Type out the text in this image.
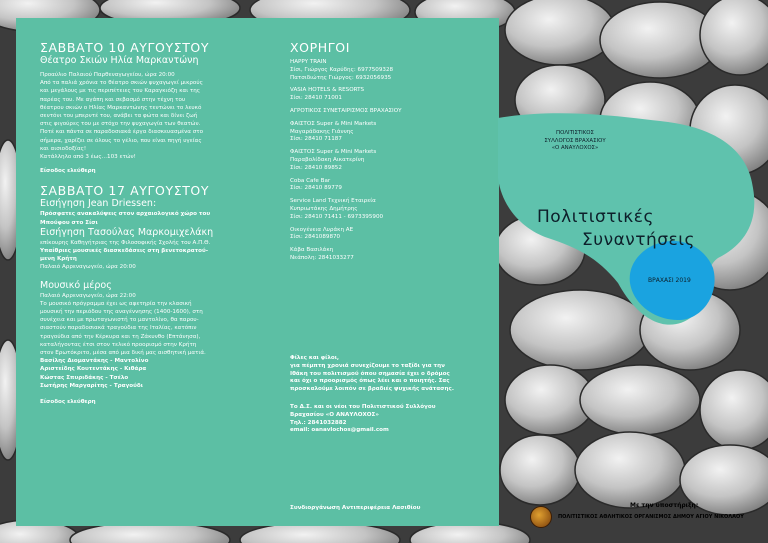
ΣΑΒΒΑΤΟ 10 ΑΥΓΟΥΣΤΟΥ
Θέατρο Σκιών Ηλία Μαρκαντώνη

Προαύλιο Παλαιού Παρθεναγωγείου, ώρα 20:00

Από τα παλιά χρόνια το θέατρο σκιών ψυχαγωγεί μικρούς

και μεγάλους με τις περιπέτειες του Καραγκιόζη και της

παρέας του. Με αγάπη και σεβασμό στην τέχνη του

θέατρου σκιών ο Ηλίας Μαρκαντώνης τεντώνει το λευκό

σεντόνι του μπερντέ του, ανάβει τα φώτα και δίνει ζωή

στις φιγούρες του με στόχο την ψυχαγωγία των θεατών.

Ποτέ και πάντα σε παραδοσιακά έργα διασκευασμένα στο

σήμερα, χαρίζει σε όλους το γέλιο, που είναι πηγή υγείας

και αισιοδοξίας!

Κατάλληλο από 3 έως...103 ετών!

Είσοδος ελεύθερη

ΣΑΒΒΑΤΟ 17 ΑΥΓΟΥΣΤΟΥ
Εισήγηση Jean Driessen:

Πρόσφατες ανακαλύψεις στον αρχαιολογικό χώρο του

Μπούφου στο Σίσι

Εισήγηση Τασούλας Μαρκομιχελάκη

επίκουρης Καθηγήτριας της Φιλοσοφικής Σχολής του Α.Π.Θ.

Υπαίθριες μουσικές διασκεδάσεις στη βενετοκρατού-

μενη Κρήτη

Παλαιό Αρρεναγωγείο, ώρα 20:00

Μουσικό μέρος

Παλαιό Αρρεναγωγείο, ώρα 22:00

Το μουσικό πρόγραμμα έχει ως αφετηρία την κλασική

μουσική την περιόδου της αναγέννησης (1400-1600), στη

συνέχεια και με πρωταγωνιστή το μαντολίνο, θα παρου-

σιαστούν παραδοσιακά τραγούδια της Ιταλίας, κατόπιν

τραγούδια από την Κέρκυρα και τη Ζάκυνθο (Επτάνησα),

καταλήγοντας έτσι στον τελικό προορισμό στην Κρήτη

στον Ερωτόκριτο, μέσα από μια δική μας αισθητική ματιά.

Βασίλης Διομαντάκης - Μαντολίνο

Αριστείδης Κουτεντάκης - Κιθάρα

Κώστας Σπυριδάκης - Τσέλο

Σωτήρης Μαργαρίτης - Τραγούδι

Είσοδος ελεύθερη

ΧΟΡΗΓΟΙ

HAPPY TRAIN

Σίσι, Γιώργος Καρύδης: 6977509328

Πατσιδιώτης Γιώργος: 6932056935

VASIA HOTELS & RESORTS

Σίσι: 28410 71001

ΑΓΡΟΤΙΚΟΣ ΣΥΝΕΤΑΙΡΙΣΜΟΣ ΒΡΑΧΑΣΙΟΥ

ΦΑΙΣΤΟΣ Super & Mini Markets

Μαγαράδακης Γιάννης

Σίσι: 28410 71187

ΦΑΙΣΤΟΣ Super & Mini Markets

Παραβολίδακη Αικατερίνη

Σίσι: 28410 89852

Coba Cafe Bar

Σίσι: 28410 89779

Service Land Τεχνική Εταιρεία

Κυπριωτάκης Δημήτρης

Σίσι: 28410 71411 - 6973395900

Οικογένεια Λυράκη ΑΕ

Σίσι: 2841089870

Κάβα Βασιλάκη

Νεάπολη: 2841033277

Φίλες και φίλοι,

για πέμπτη χρονιά συνεχίζουμε το ταξίδι για την

Ιθάκη του πολιτισμού όπου σημασία έχει ο δρόμος

και όχι ο προορισμός όπως λέει και ο ποιητής. Σας

προσκαλούμε λοιπόν σε βραδιές ψυχικής ανάτασης.

Το Δ.Σ. και οι νέοι του Πολιτιστικού Συλλόγου

Βραχασίου «Ο ΑΝΑΥΛΟΧΟΣ»

Τηλ.: 2841032882

email: oanavlochos@gmail.com

Συνδιοργάνωση Αντιπεριφέρεια Λασιθίου

ΠΟΛΙΤΙΣΤΙΚΟΣ

ΣΥΛΛΟΓΟΣ ΒΡΑΧΑΣΙΟΥ

«Ο ΑΝΑΥΛΟΧΟΣ»

Πολιτιστικές
Συναντήσεις
ΒΡΑΧΑΣΙ 2019

Με την υποστήριξη:

ΠΟΛΙΤΙΣΤΙΚΟΣ ΑΘΛΗΤΙΚΟΣ ΟΡΓΑΝΙΣΜΟΣ ΔΗΜΟΥ ΑΓΙΟΥ ΝΙΚΟΛΑΟΥ
